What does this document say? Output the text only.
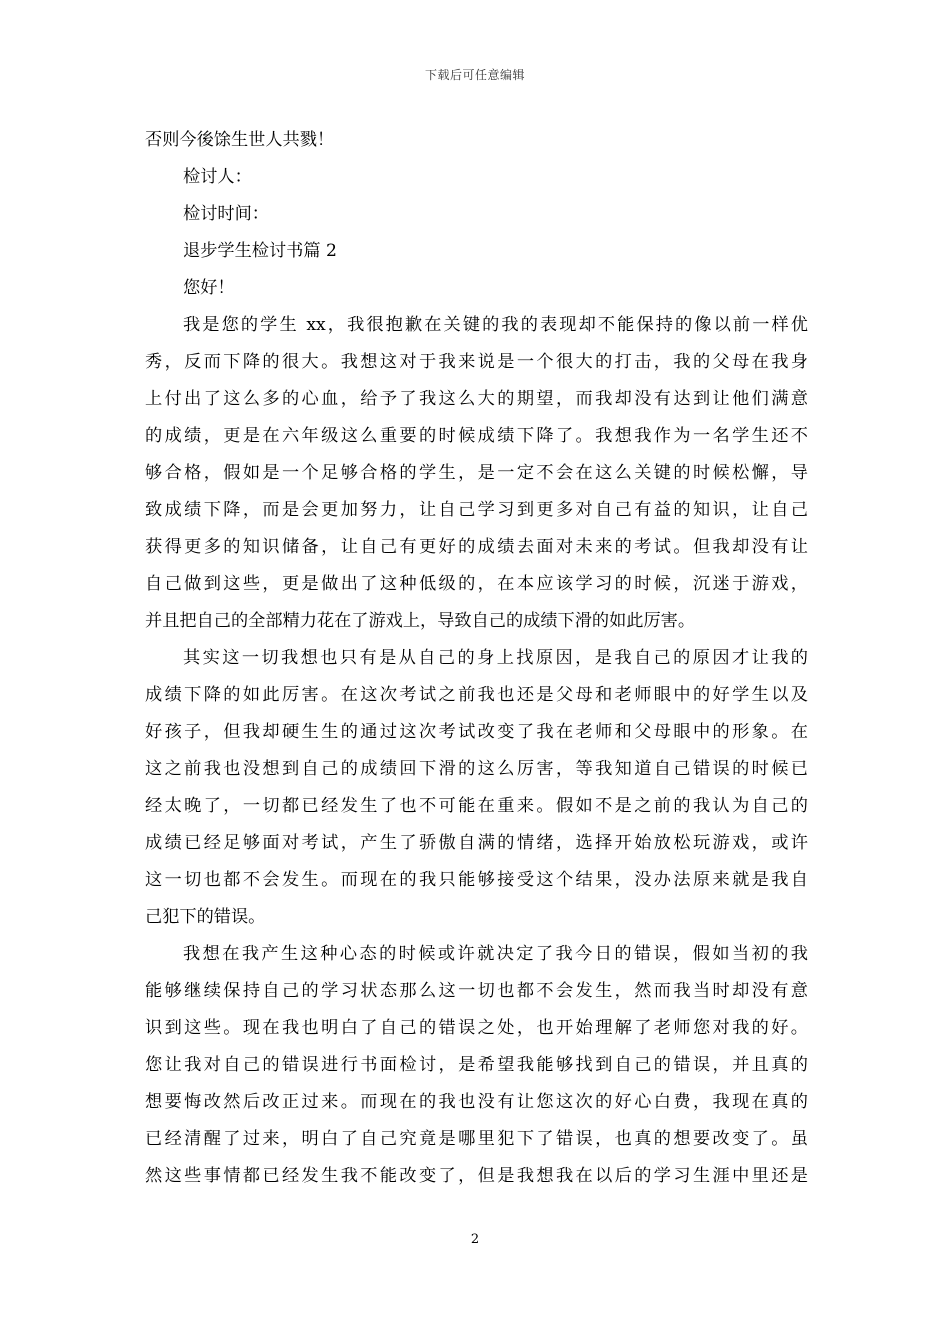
下载后可任意编辑
否则今後馀生世人共戮！
检讨人：
检讨时间：
退步学生检讨书篇 2
您好！
我是您的学生 xx，我很抱歉在关键的我的表现却不能保持的像以前一样优
秀，反而下降的很大。我想这对于我来说是一个很大的打击，我的父母在我身
上付出了这么多的心血，给予了我这么大的期望，而我却没有达到让他们满意
的成绩，更是在六年级这么重要的时候成绩下降了。我想我作为一名学生还不
够合格，假如是一个足够合格的学生，是一定不会在这么关键的时候松懈，导
致成绩下降，而是会更加努力，让自己学习到更多对自己有益的知识，让自己
获得更多的知识储备，让自己有更好的成绩去面对未来的考试。但我却没有让
自己做到这些，更是做出了这种低级的，在本应该学习的时候，沉迷于游戏，
并且把自己的全部精力花在了游戏上，导致自己的成绩下滑的如此厉害。
其实这一切我想也只有是从自己的身上找原因，是我自己的原因才让我的
成绩下降的如此厉害。在这次考试之前我也还是父母和老师眼中的好学生以及
好孩子，但我却硬生生的通过这次考试改变了我在老师和父母眼中的形象。在
这之前我也没想到自己的成绩回下滑的这么厉害，等我知道自己错误的时候已
经太晚了，一切都已经发生了也不可能在重来。假如不是之前的我认为自己的
成绩已经足够面对考试，产生了骄傲自满的情绪，选择开始放松玩游戏，或许
这一切也都不会发生。而现在的我只能够接受这个结果，没办法原来就是我自
己犯下的错误。
我想在我产生这种心态的时候或许就决定了我今日的错误，假如当初的我
能够继续保持自己的学习状态那么这一切也都不会发生，然而我当时却没有意
识到这些。现在我也明白了自己的错误之处，也开始理解了老师您对我的好。
您让我对自己的错误进行书面检讨，是希望我能够找到自己的错误，并且真的
想要悔改然后改正过来。而现在的我也没有让您这次的好心白费，我现在真的
已经清醒了过来，明白了自己究竟是哪里犯下了错误，也真的想要改变了。虽
然这些事情都已经发生我不能改变了，但是我想我在以后的学习生涯中里还是
2
